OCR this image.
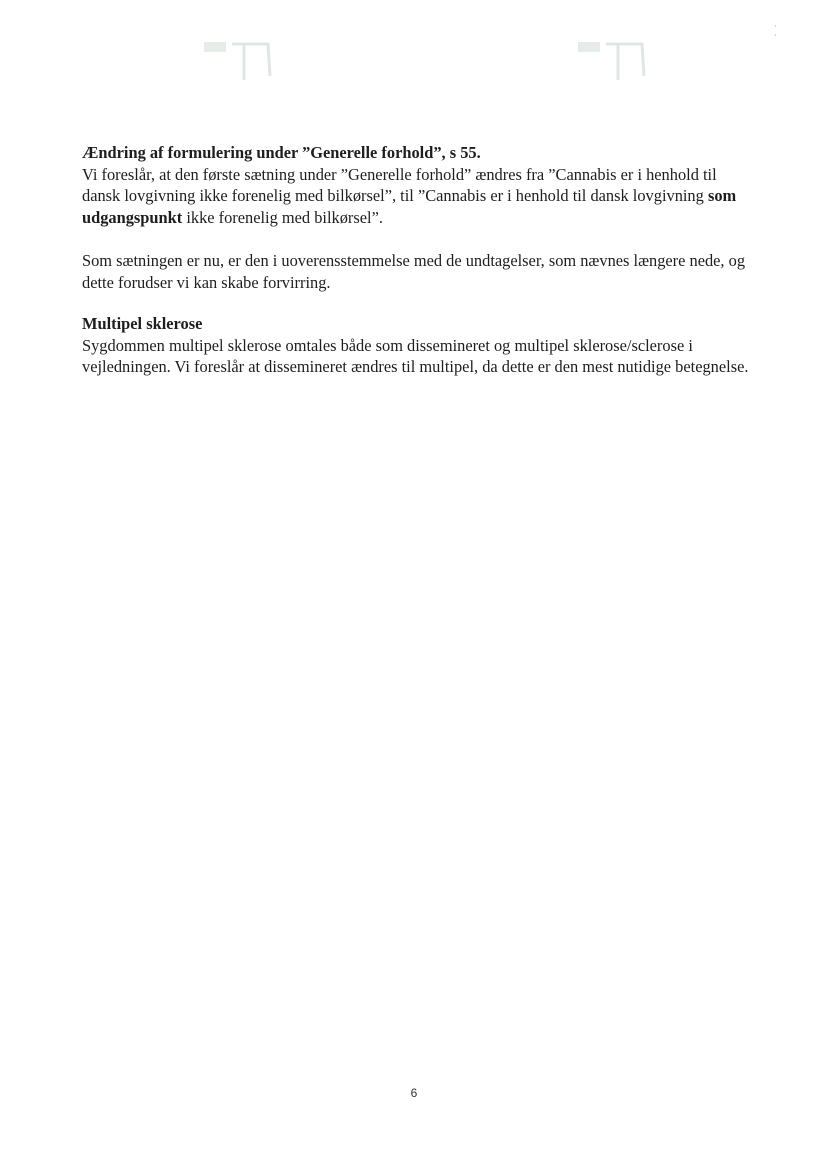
· ·

Ændring af formulering under ”Generelle forhold”, s 55.

Vi foreslår, at den første sætning under ”Generelle forhold” ændres fra ”Cannabis er i henhold til dansk lovgivning ikke forenelig med bilkørsel”, til ”Cannabis er i henhold til dansk lovgivning som udgangspunkt ikke forenelig med bilkørsel”.

Som sætningen er nu, er den i uoverensstemmelse med de undtagelser, som nævnes længere nede, og dette forudser vi kan skabe forvirring.

Multipel sklerose

Sygdommen multipel sklerose omtales både som dissemineret og multipel sklerose/sclerose i vejledningen. Vi foreslår at dissemineret ændres til multipel, da dette er den mest nutidige betegnelse.

6
